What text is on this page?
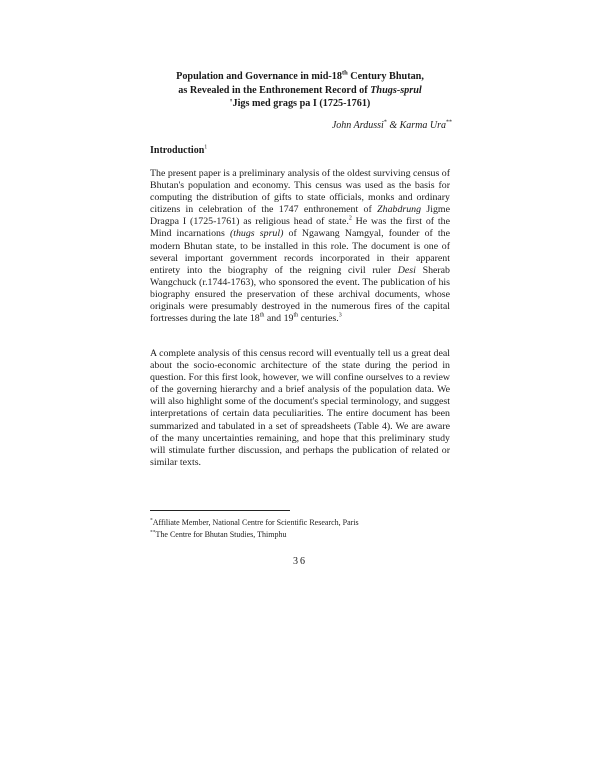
Population and Governance in mid-18th Century Bhutan,
as Revealed in the Enthronement Record of Thugs-sprul
'Jigs med grags pa I (1725-1761)
John Ardussi* & Karma Ura**
Introduction$^1$
The present paper is a preliminary analysis of the oldest surviving census of Bhutan's population and economy. This census was used as the basis for computing the distribution of gifts to state officials, monks and ordinary citizens in celebration of the 1747 enthronement of Zhabdrung Jigme Dragpa I (1725-1761) as religious head of state.$^2$ He was the first of the Mind incarnations (thugs sprul) of Ngawang Namgyal, founder of the modern Bhutan state, to be installed in this role. The document is one of several important government records incorporated in their apparent entirety into the biography of the reigning civil ruler Desi Sherab Wangchuck (r.1744-1763), who sponsored the event. The publication of his biography ensured the preservation of these archival documents, whose originals were presumably destroyed in the numerous fires of the capital fortresses during the late 18th and 19th centuries.$^3$
A complete analysis of this census record will eventually tell us a great deal about the socio-economic architecture of the state during the period in question. For this first look, however, we will confine ourselves to a review of the governing hierarchy and a brief analysis of the population data. We will also highlight some of the document's special terminology, and suggest interpretations of certain data peculiarities. The entire document has been summarized and tabulated in a set of spreadsheets (Table 4). We are aware of the many uncertainties remaining, and hope that this preliminary study will stimulate further discussion, and perhaps the publication of related or similar texts.
*Affiliate Member, National Centre for Scientific Research, Paris
**The Centre for Bhutan Studies, Thimphu
36
